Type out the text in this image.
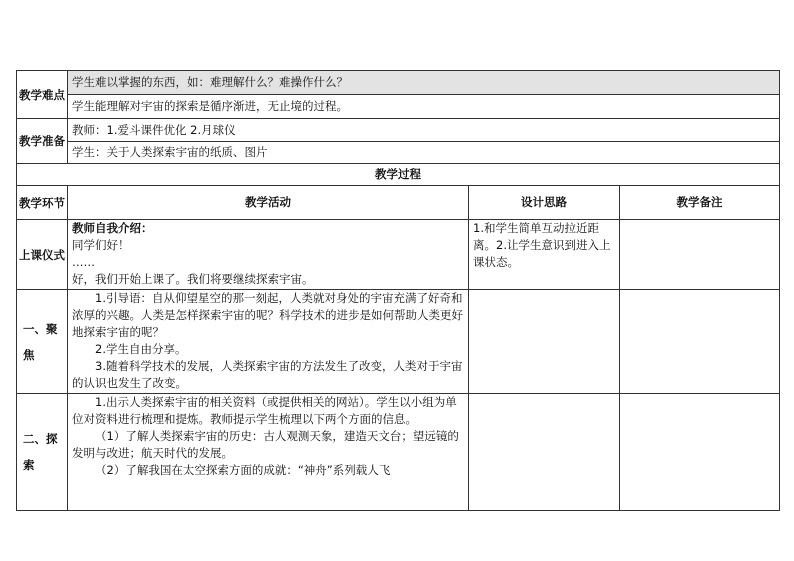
教学难点	学生难以掌握的东西，如：难理解什么？难操作什么？		
	学生能理解对宇宙的探索是循序渐进，无止境的过程。		
教学准备	教师：1.爱斗课件优化 2.月球仪		
	学生：关于人类探索宇宙的纸质、图片		
教学过程			
教学环节	教学活动	设计思路	教学备注
上课仪式	教师自我介绍：

同学们好！

……

好，我们开始上课了。我们将要继续探索宇宙。	1.和学生简单互动拉近距离。2.让学生意识到进入上课状态。	
一、聚焦	1.引导语：自从仰望星空的那一刻起，人类就对身处的宇宙充满了好奇和浓厚的兴趣。人类是怎样探索宇宙的呢？科学技术的进步是如何帮助人类更好地探索宇宙的呢？

2.学生自由分享。

3.随着科学技术的发展，人类探索宇宙的方法发生了改变，人类对于宇宙的认识也发生了改变。		

二、探索	1.出示人类探索宇宙的相关资料（或提供相关的网站）。学生以小组为单位对资料进行梳理和提炼。教师提示学生梳理以下两个方面的信息。

（1）了解人类探索宇宙的历史：古人观测天象，建造天文台；望远镜的发明与改进；航天时代的发展。

（2）了解我国在太空探索方面的成就：“神舟”系列载人飞		
